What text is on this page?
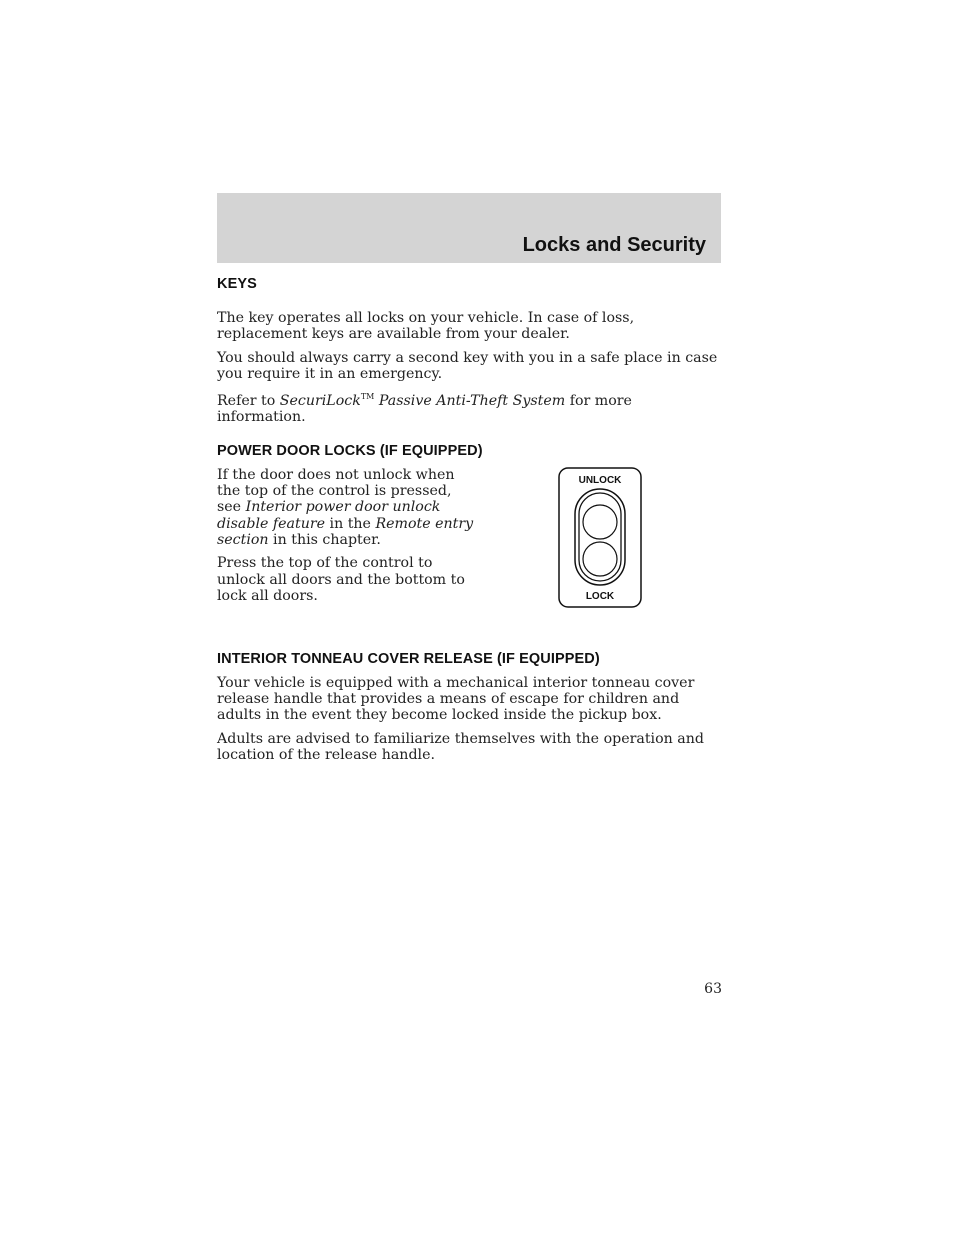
Locks and Security
KEYS

The key operates all locks on your vehicle. In case of loss, replacement keys are available from your dealer.

You should always carry a second key with you in a safe place in case you require it in an emergency.

Refer to SecuriLock™ Passive Anti-Theft System for more information.

POWER DOOR LOCKS (IF EQUIPPED)

If the door does not unlock when the top of the control is pressed, see Interior power door unlock disable feature in the Remote entry section in this chapter.

Press the top of the control to unlock all doors and the bottom to lock all doors.

UNLOCK
LOCK
INTERIOR TONNEAU COVER RELEASE (IF EQUIPPED)

Your vehicle is equipped with a mechanical interior tonneau cover release handle that provides a means of escape for children and adults in the event they become locked inside the pickup box.

Adults are advised to familiarize themselves with the operation and location of the release handle.

63
